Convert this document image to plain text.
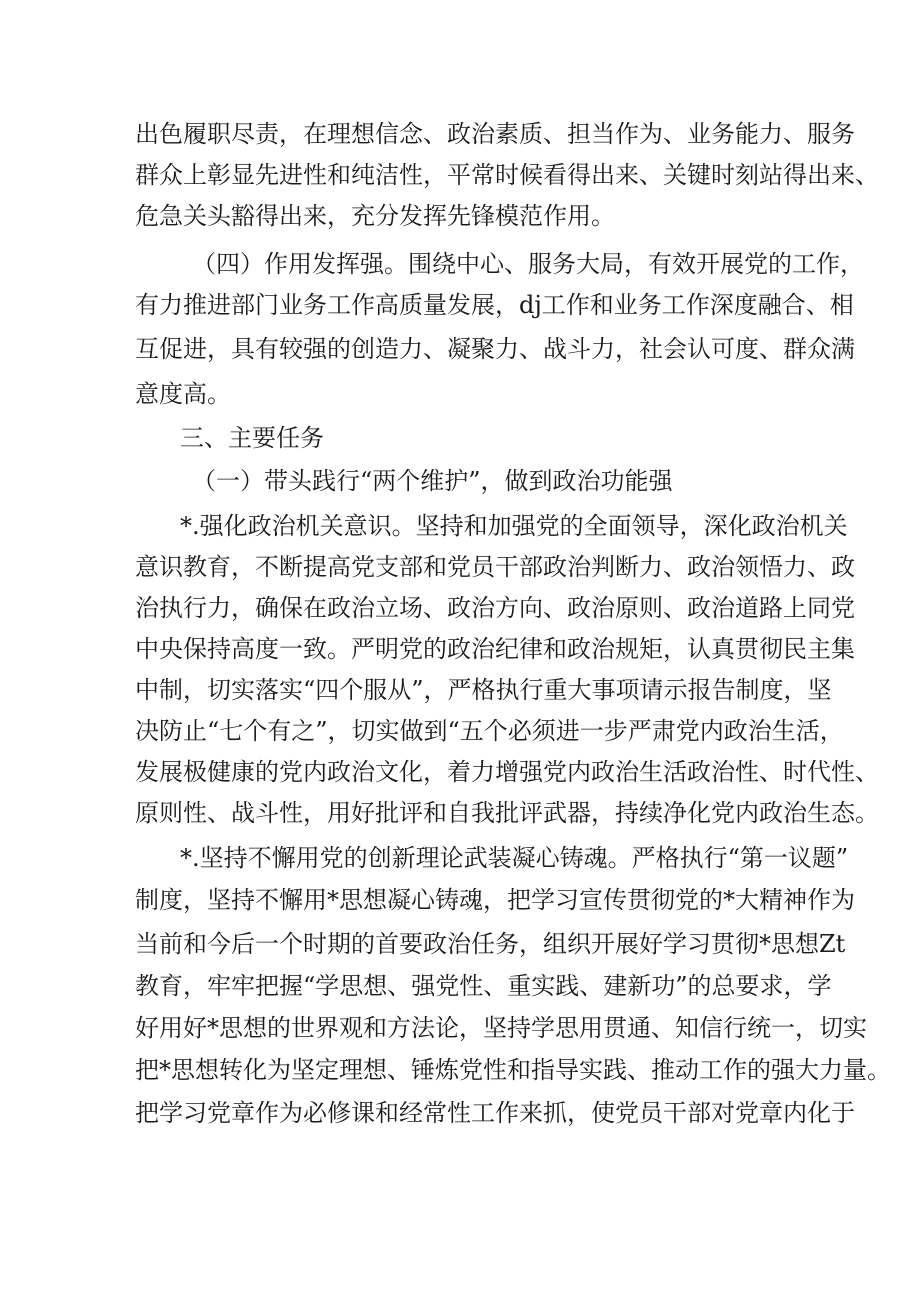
出色履职尽责，在理想信念、政治素质、担当作为、业务能力、服务
群众上彰显先进性和纯洁性，平常时候看得出来、关键时刻站得出来、
危急关头豁得出来，充分发挥先锋模范作用。
（四）作用发挥强。围绕中心、服务大局，有效开展党的工作，
有力推进部门业务工作高质量发展，dj工作和业务工作深度融合、相
互促进，具有较强的创造力、凝聚力、战斗力，社会认可度、群众满
意度高。
三、主要任务
（一）带头践行“两个维护”，做到政治功能强
*.强化政治机关意识。坚持和加强党的全面领导，深化政治机关
意识教育，不断提高党支部和党员干部政治判断力、政治领悟力、政
治执行力，确保在政治立场、政治方向、政治原则、政治道路上同党
中央保持高度一致。严明党的政治纪律和政治规矩，认真贯彻民主集
中制，切实落实“四个服从”，严格执行重大事项请示报告制度，坚
决防止“七个有之”，切实做到“五个必须进一步严肃党内政治生活，
发展极健康的党内政治文化，着力增强党内政治生活政治性、时代性、
原则性、战斗性，用好批评和自我批评武器，持续净化党内政治生态。
*.坚持不懈用党的创新理论武装凝心铸魂。严格执行“第一议题”
制度，坚持不懈用*思想凝心铸魂，把学习宣传贯彻党的*大精神作为
当前和今后一个时期的首要政治任务，组织开展好学习贯彻*思想Zt
教育，牢牢把握“学思想、强党性、重实践、建新功”的总要求，学
好用好*思想的世界观和方法论，坚持学思用贯通、知信行统一，切实
把*思想转化为坚定理想、锤炼党性和指导实践、推动工作的强大力量。
把学习党章作为必修课和经常性工作来抓，使党员干部对党章内化于
